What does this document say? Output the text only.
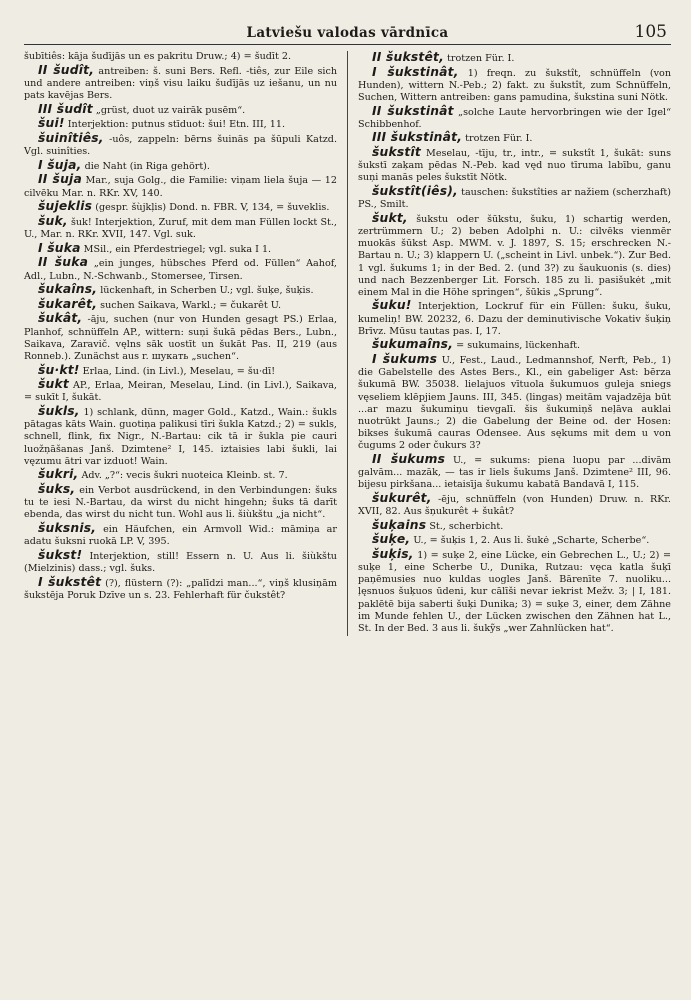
Latviešu valodas vārdnīca	105

šubītiês: kāja šudījās un es pakritu Druw.; 4) = šudīt 2.

II šudît, antreiben: š. suni Bers. Refl. -tiês, zur Eile sich und andere antreiben: viņš visu laiku šudījās uz iešanu, un nu pats kavējas Bers.

III šudît „grüst, duot uz vairāk pusēm“.

šui! Interjektion: putnus stīduot: šui! Etn. III, 11.

šuinîtiês, -uôs, zappeln: bērns šuinās pa šūpuli Katzd. Vgl. suinîties.

I šuja, die Naht (in Riga gehört).

II šuja Mar., suja Golg., die Familie: viņam liela šuja — 12 cilvēku Mar. n. RKr. XV, 140.

šujeklis (gespr. šùjkļis) Dond. n. FBR. V, 134, = šuveklis.

šuk, šuk! Interjektion, Zuruf, mit dem man Füllen lockt St., U., Mar. n. RKr. XVII, 147. Vgl. suk.

I šuka MSil., ein Pferdestriegel; vgl. suka I 1.

II šuka „ein junges, hübsches Pferd od. Füllen“ Aahof, Adl., Lubn., N.-Schwanb., Stomersee, Tirsen.

šukaîns, lückenhaft, in Scherben U.; vgl. šuķe, šuķis.

šukarêt, suchen Saikava, Warkl.; = čukarêt U.

šukât, -āju, suchen (nur von Hunden gesagt PS.) Erlaa, Planhof, schnüffeln AP., wittern: suņi šukā pēdas Bers., Lubn., Saikava, Zaravič. vęlns sāk uostīt un šukāt Pas. II, 219 (aus Ronneb.). Zunächst aus r. шукать „suchen“.

šu·kt! Erlaa, Lind. (in Livl.), Meselau, = šu·dī!

šukt AP., Erlaa, Meiran, Meselau, Lind. (in Livl.), Saikava, = sukīt I, šukāt.

šukls, 1) schlank, dünn, mager Gold., Katzd., Wain.: šukls pātagas kāts Wain. guotiņa palikusi tīri šukla Katzd.; 2) = sukls, schnell, flink, fix Nigr., N.-Bartau: cik tā ir šukla pie cauri luožņāšanas Janš. Dzimtene² I, 145. iztaisies labi šukli, lai vęzumu ātri var izduot! Wain.

šukri, Adv. „?“: vecis šukri nuoteica Kleinb. st. 7.

šuks, ein Verbot ausdrückend, in den Verbindungen: šuks tu te iesi N.-Bartau, da wirst du nicht hingehn; šuks tā darīt ebenda, das wirst du nicht tun. Wohl aus li. šiùkštu „ja nicht“.

šuksnis, ein Häufchen, ein Armvoll Wid.: māmiņa ar adatu šuksni ruokā LP. V, 395.

šukst! Interjektion, still! Essern n. U. Aus li. šiùkštu (Mielzinis) dass.; vgl. šuks.

I šukstêt (?), flüstern (?): „palīdzi man...“, viņš klusiņām šukstēja Poruk Dzīve un s. 23. Fehlerhaft für čukstêt?

II šukstêt, trotzen Für. I.

I šukstinât, 1) freqn. zu šukstît, schnüffeln (von Hunden), wittern N.-Peb.; 2) fakt. zu šukstît, zum Schnüffeln, Suchen, Wittern antreiben: gans pamudina, šukstina suni Nötk.

II šukstinât „solche Laute hervorbringen wie der Igel“ Schibbenhof.

III šukstinât, trotzen Für. I.

šukstît Meselau, -tīju, tr., intr., = sukstît 1, šukāt: suns šukstī zaķam pēdas N.-Peb. kad vęd nuo tīruma labību, ganu suņi manās peles šukstīt Nötk.

šukstît(iês), tauschen: šukstîties ar nažiem (scherzhaft) PS., Smilt.

šukt, šukstu oder šūkstu, šuku, 1) schartig werden, zertrümmern U.; 2) beben Adolphi n. U.: cilvēks vienmēr muokās šūkst Asp. MWM. v. J. 1897, S. 15; erschrecken N.-Bartau n. U.; 3) klappern U. („scheint in Livl. unbek.“). Zur Bed. 1 vgl. šukums 1; in der Bed. 2. (und 3?) zu šaukuonis (s. dies) und nach Bezzenberger Lit. Forsch. 185 zu li. pasišukėt „mit einem Mal in die Höhe springen“, šūkis „Sprung“.

šuku! Interjektion, Lockruf für ein Füllen: šuku, šuku, kumeliņ! BW. 20232, 6. Dazu der deminutivische Vokativ šuķiņ Brīvz. Mūsu tautas pas. I, 17.

šukumaîns, = sukumains, lückenhaft.

I šukums U., Fest., Laud., Ledmannshof, Nerft, Peb., 1) die Gabelstelle des Astes Bers., Kl., ein gabeliger Ast: bērza šukumā BW. 35038. lielajuos vītuola šukumuos guleja sniegs vęseliem klēpjiem Jauns. III, 345. (lingas) meitām vajadzēja būt ...ar mazu šukumiņu tievgalī. šis šukumiņš neļāva auklai nuotrūkt Jauns.; 2) die Gabelung der Beine od. der Hosen: bikses šukumā cauras Odensee. Aus sękums mit dem u von čugums 2 oder čukurs 3?

II šukums U., = sukums: piena luopu par ...divām galvām... mazāk, — tas ir liels šukums Janš. Dzimtene² III, 96. bijesu pirkšana... ietaisīja šukumu kabatā Bandavā I, 115.

šukurêt, -ēju, schnüffeln (von Hunden) Druw. n. RKr. XVII, 82. Aus šņukurêt + šukât?

šuķains St., scherbicht.

šuķe, U., = šuķis 1, 2. Aus li. šukė „Scharte, Scherbe“.

šuķis, 1) = suķe 2, eine Lücke, ein Gebrechen L., U.; 2) = suķe 1, eine Scherbe U., Dunika, Rutzau: vęca katla šuķī paņēmusies nuo kuldas uogles Janš. Bārenīte 7. nuoliku... ļęsnuos šuķuos ūdeni, kur cālīši nevar iekrist Mežv. 3; | I, 181. paklētē bija saberti šuķi Dunika; 3) = suķe 3, einer, dem Zähne im Munde fehlen U., der Lücken zwischen den Zähnen hat L., St. In der Bed. 3 aus li. šukỹs „wer Zahnlücken hat“.
